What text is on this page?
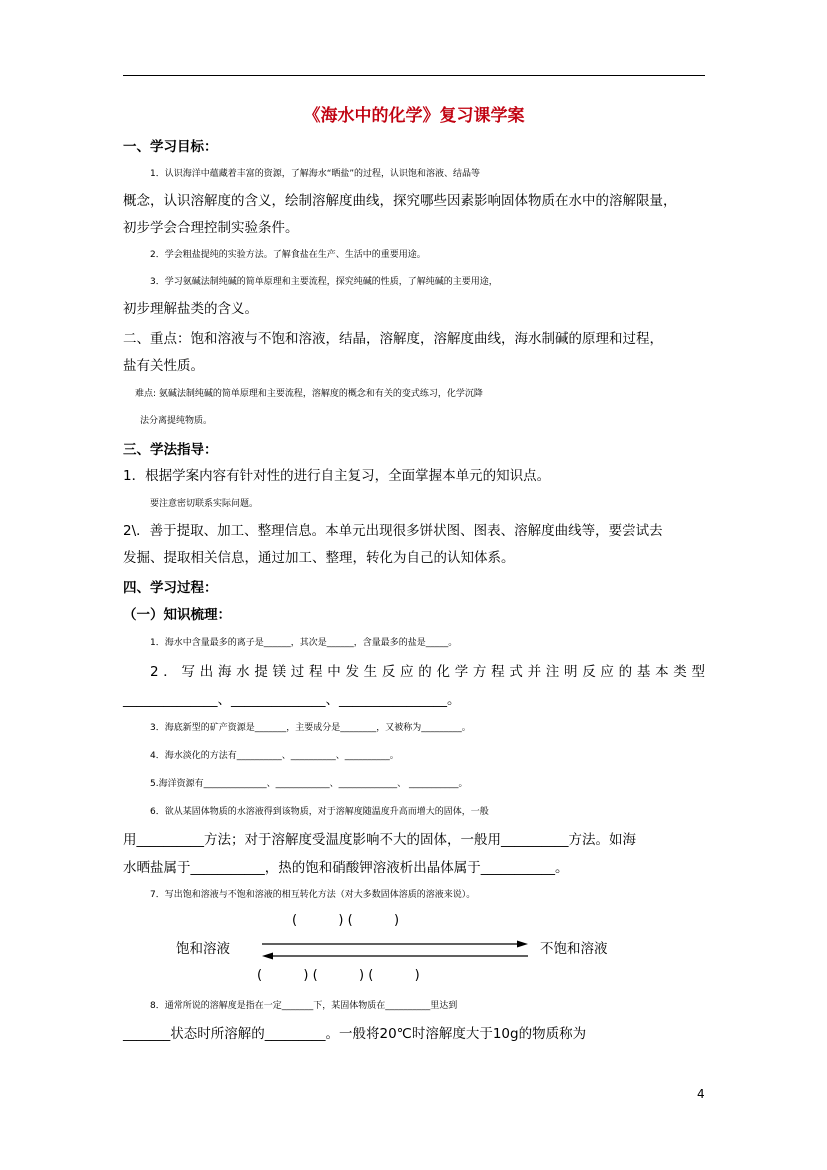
《海水中的化学》复习课学案
一、学习目标：
1．认识海洋中蕴藏着丰富的资源，了解海水“晒盐”的过程，认识饱和溶液、结晶等
概念，认识溶解度的含义，绘制溶解度曲线，探究哪些因素影响固体物质在水中的溶解限量，
初步学会合理控制实验条件。
2．学会粗盐提纯的实验方法。了解食盐在生产、生活中的重要用途。
3．学习氨碱法制纯碱的简单原理和主要流程，探究纯碱的性质，了解纯碱的主要用途，
初步理解盐类的含义。
二、重点：饱和溶液与不饱和溶液，结晶，溶解度，溶解度曲线，海水制碱的原理和过程，
盐有关性质。
难点: 氨碱法制纯碱的简单原理和主要流程，溶解度的概念和有关的变式练习，化学沉降
法分离提纯物质。
三、学法指导：
1．根据学案内容有针对性的进行自主复习，全面掌握本单元的知识点。
要注意密切联系实际问题。
2\．善于提取、加工、整理信息。本单元出现很多饼状图、图表、溶解度曲线等，要尝试去
发掘、提取相关信息，通过加工、整理，转化为自己的认知体系。
四、学习过程：
（一）知识梳理：
1．海水中含量最多的离子是______，其次是______，含量最多的盐是_____。
2．写出海水提镁过程中发生反应的化学方程式并注明反应的基本类型
______________、______________、________________。
3．海底新型的矿产资源是_______，主要成分是________，又被称为_________。
4．海水淡化的方法有__________、__________、__________。
5.海洋资源有______________、____________、_____________、 ___________。
6．欲从某固体物质的水溶液得到该物质，对于溶解度随温度升高而增大的固体，一般
用__________方法；对于溶解度受温度影响不大的固体，一般用__________方法。如海
水晒盐属于___________，热的饱和硝酸钾溶液析出晶体属于___________。
7．写出饱和溶液与不饱和溶液的相互转化方法（对大多数固体溶质的溶液来说）。
(          ) (          )
饱和溶液	不饱和溶液
(          ) (          ) (          )
8．通常所说的溶解度是指在一定_______下，某固体物质在__________里达到
_______状态时所溶解的_________。一般将20℃时溶解度大于10g的物质称为
4
